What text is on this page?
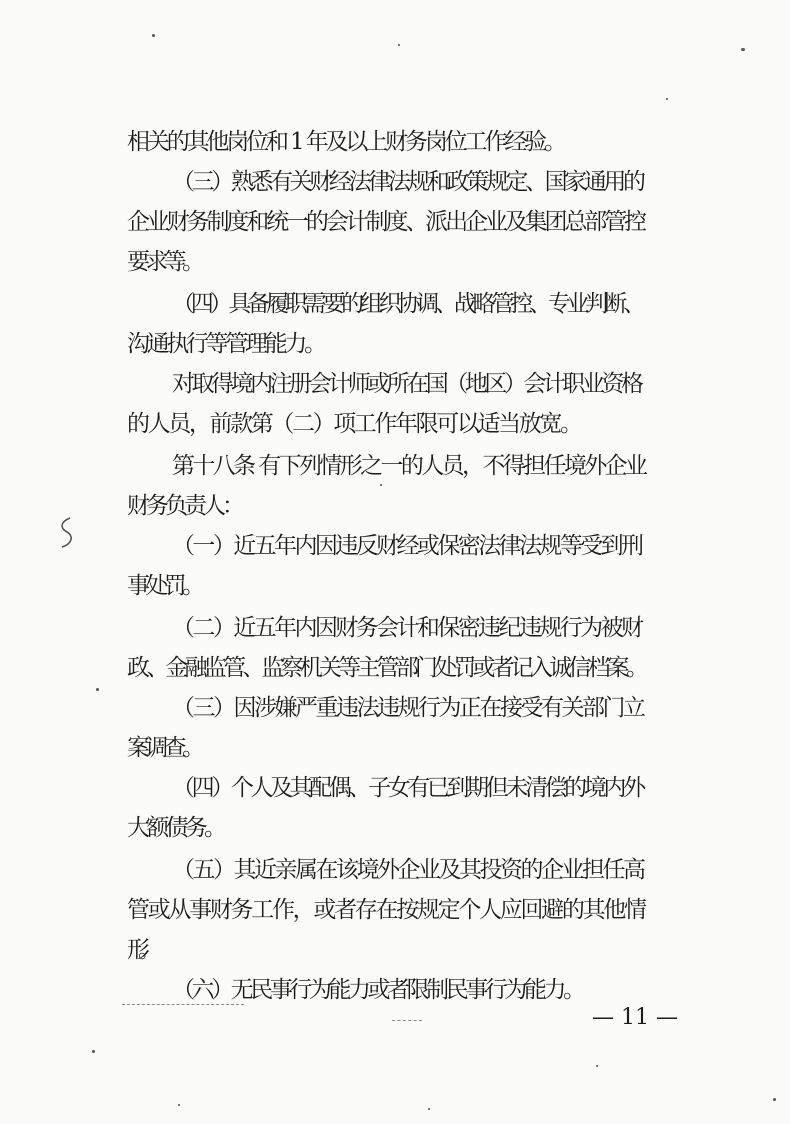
相关的其他岗位和 1 年及以上财务岗位工作经验。
（三）熟悉有关财经法律法规和政策规定、国家通用的
企业财务制度和统一的会计制度、派出企业及集团总部管控
要求等。
（四）具备履职需要的组织协调、战略管控、专业判断、
沟通执行等管理能力。
对取得境内注册会计师或所在国（地区）会计职业资格
的人员，前款第（二）项工作年限可以适当放宽。
第十八条 有下列情形之一的人员，不得担任境外企业
财务负责人：
（一）近五年内因违反财经或保密法律法规等受到刑
事处罚。
（二）近五年内因财务会计和保密违纪违规行为被财
政、金融监管、监察机关等主管部门处罚或者记入诚信档案。
（三）因涉嫌严重违法违规行为正在接受有关部门立
案调查。
（四）个人及其配偶、子女有已到期但未清偿的境内外
大额债务。
（五）其近亲属在该境外企业及其投资的企业担任高
管或从事财务工作，或者存在按规定个人应回避的其他情
形。
（六）无民事行为能力或者限制民事行为能力。
— 11 —
